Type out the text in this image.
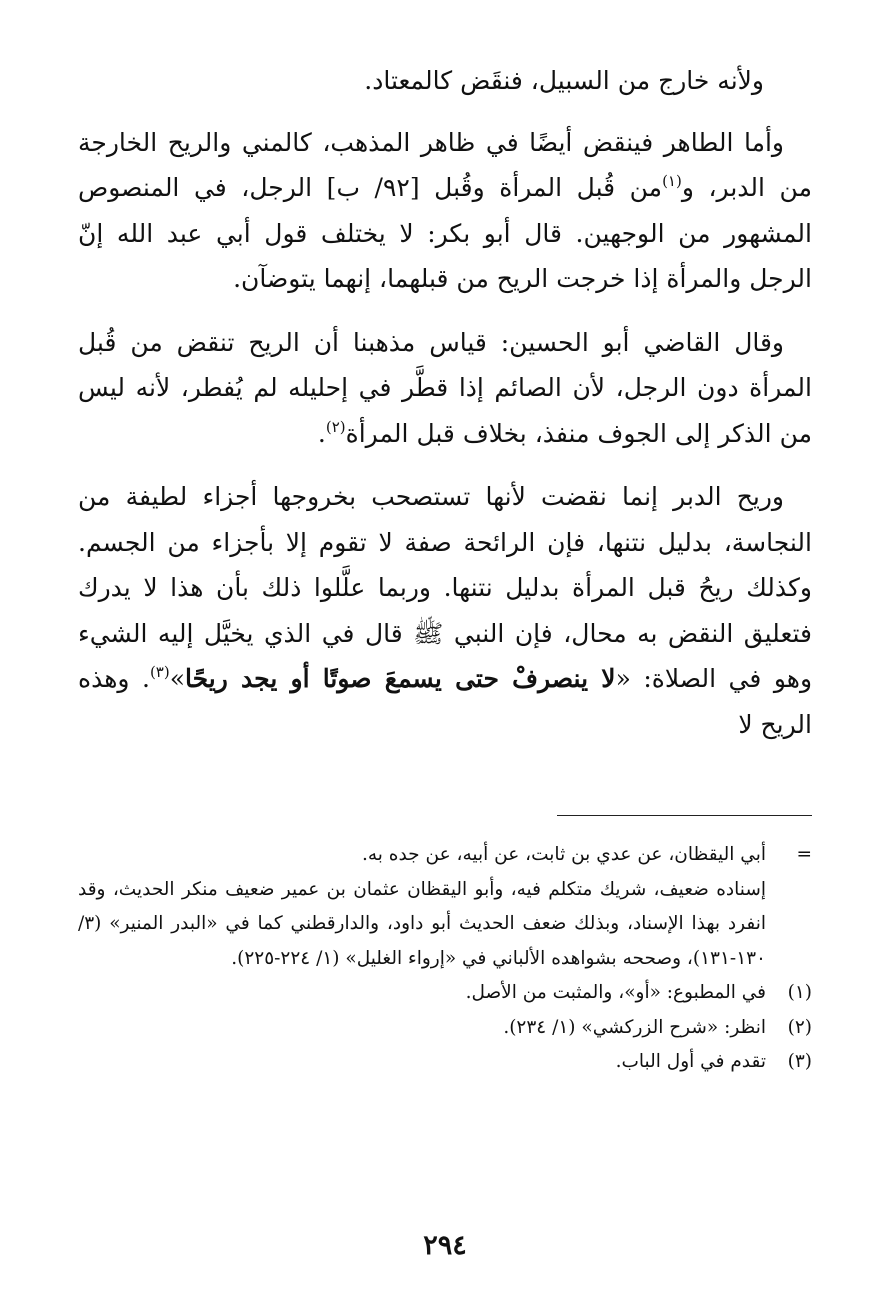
ولأنه خارج من السبيل، فنقَض كالمعتاد.

وأما الطاهر فينقض أيضًا في ظاهر المذهب، كالمني والريح الخارجة من الدبر، و$^{(١)}$من قُبل المرأة وقُبل [٩٢/ ب] الرجل، في المنصوص المشهور من الوجهين. قال أبو بكر: لا يختلف قول أبي عبد الله إنّ الرجل والمرأة إذا خرجت الريح من قبلهما، إنهما يتوضآن.

وقال القاضي أبو الحسين: قياس مذهبنا أن الريح تنقض من قُبل المرأة دون الرجل، لأن الصائم إذا قطَّر في إحليله لم يُفطر، لأنه ليس من الذكر إلى الجوف منفذ، بخلاف قبل المرأة$^{(٢)}$.

وريح الدبر إنما نقضت لأنها تستصحب بخروجها أجزاء لطيفة من النجاسة، بدليل نتنها، فإن الرائحة صفة لا تقوم إلا بأجزاء من الجسم. وكذلك ريحُ قبل المرأة بدليل نتنها. وربما علَّلوا ذلك بأن هذا لا يدرك فتعليق النقض به محال، فإن النبي ﷺ قال في الذي يخيَّل إليه الشيء وهو في الصلاة: «لا ينصرفْ حتى يسمعَ صوتًا أو يجد ريحًا»$^{(٣)}$. وهذه الريح لا

=
أبي اليقظان، عن عدي بن ثابت، عن أبيه، عن جده به.
إسناده ضعيف، شريك متكلم فيه، وأبو اليقظان عثمان بن عمير ضعيف منكر الحديث، وقد انفرد بهذا الإسناد، وبذلك ضعف الحديث أبو داود، والدارقطني كما في «البدر المنير» (٣/ ١٣٠-١٣١)، وصححه بشواهده الألباني في «إرواء الغليل» (١/ ٢٢٤-٢٢٥).
(١)
في المطبوع: «أو»، والمثبت من الأصل.
(٢)
انظر: «شرح الزركشي» (١/ ٢٣٤).
(٣)
تقدم في أول الباب.
٢٩٤
